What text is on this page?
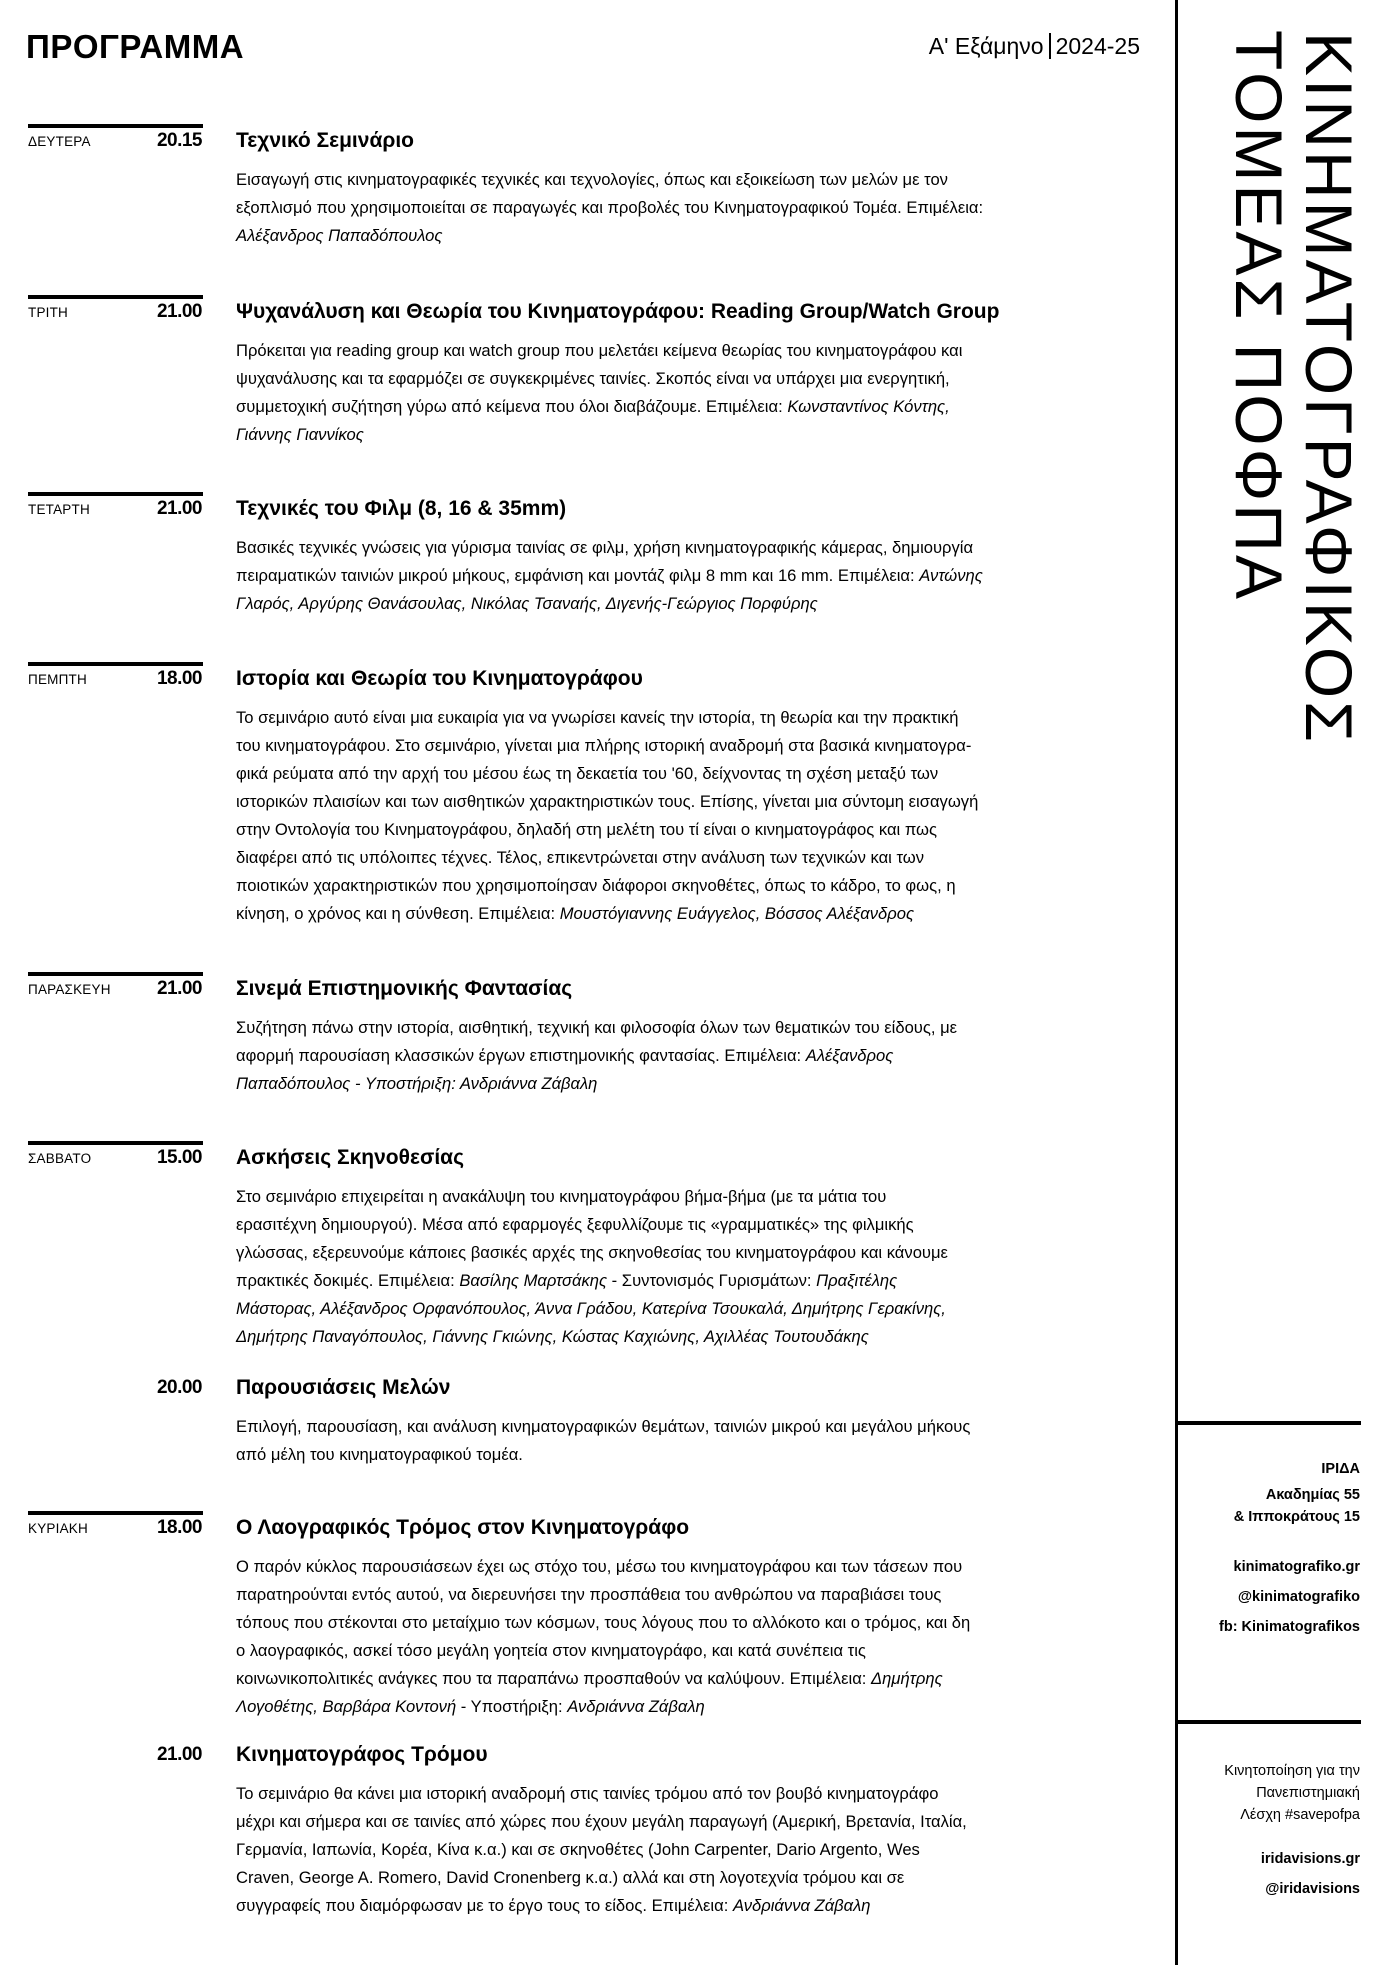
ΠΡΟΓΡΑΜΜΑ	Α' Εξάμηνο 2024-25
ΔΕΥΤΕΡΑ	20.15 Τεχνικό Σεμινάριο
Εισαγωγή στις κινηματογραφικές τεχνικές και τεχνολογίες, όπως και εξοικείωση των μελών με τον
εξοπλισμό που χρησιμοποιείται σε παραγωγές και προβολές του Κινηματογραφικού Τομέα. Επιμέλεια:
Αλέξανδρος Παπαδόπουλος
ΤΡΙΤΗ	21.00 Ψυχανάλυση και Θεωρία του Κινηματογράφου: Reading Group/Watch Group
Πρόκειται για reading group και watch group που μελετάει κείμενα θεωρίας του κινηματογράφου και
ψυχανάλυσης και τα εφαρμόζει σε συγκεκριμένες ταινίες. Σκοπός είναι να υπάρχει μια ενεργητική,
συμμετοχική συζήτηση γύρω από κείμενα που όλοι διαβάζουμε. Επιμέλεια: Κωνσταντίνος Κόντης,
Γιάννης Γιαννίκος
ΤΕΤΑΡΤΗ	21.00 Τεχνικές του Φιλμ (8, 16 & 35mm)
Βασικές τεχνικές γνώσεις για γύρισμα ταινίας σε φιλμ, χρήση κινηματογραφικής κάμερας, δημιουργία
πειραματικών ταινιών μικρού μήκους, εμφάνιση και μοντάζ φιλμ 8 mm και 16 mm. Επιμέλεια: Αντώνης
Γλαρός, Αργύρης Θανάσουλας, Νικόλας Τσαναής, Διγενής-Γεώργιος Πορφύρης
ΠΕΜΠΤΗ	18.00 Ιστορία και Θεωρία του Κινηματογράφου
Το σεμινάριο αυτό είναι μια ευκαιρία για να γνωρίσει κανείς την ιστορία, τη θεωρία και την πρακτική
του κινηματογράφου. Στο σεμινάριο, γίνεται μια πλήρης ιστορική αναδρομή στα βασικά κινηματογρα-
φικά ρεύματα από την αρχή του μέσου έως τη δεκαετία του '60, δείχνοντας τη σχέση μεταξύ των
ιστορικών πλαισίων και των αισθητικών χαρακτηριστικών τους. Επίσης, γίνεται μια σύντομη εισαγωγή
στην Οντολογία του Κινηματογράφου, δηλαδή στη μελέτη του τί είναι ο κινηματογράφος και πως
διαφέρει από τις υπόλοιπες τέχνες. Τέλος, επικεντρώνεται στην ανάλυση των τεχνικών και των
ποιοτικών χαρακτηριστικών που χρησιμοποίησαν διάφοροι σκηνοθέτες, όπως το κάδρο, το φως, η
κίνηση, ο χρόνος και η σύνθεση. Επιμέλεια: Μουστόγιαννης Ευάγγελος, Βόσσος Αλέξανδρος
ΠΑΡΑΣΚΕΥΗ	21.00 Σινεμά Επιστημονικής Φαντασίας
Συζήτηση πάνω στην ιστορία, αισθητική, τεχνική και φιλοσοφία όλων των θεματικών του είδους, με
αφορμή παρουσίαση κλασσικών έργων επιστημονικής φαντασίας. Επιμέλεια: Αλέξανδρος
Παπαδόπουλος - Υποστήριξη: Ανδριάννα Ζάβαλη
ΣΑΒΒΑΤΟ	15.00 Ασκήσεις Σκηνοθεσίας
Στο σεμινάριο επιχειρείται η ανακάλυψη του κινηματογράφου βήμα-βήμα (με τα μάτια του
ερασιτέχνη δημιουργού). Μέσα από εφαρμογές ξεφυλλίζουμε τις «γραμματικές» της φιλμικής
γλώσσας, εξερευνούμε κάποιες βασικές αρχές της σκηνοθεσίας του κινηματογράφου και κάνουμε
πρακτικές δοκιμές. Επιμέλεια: Βασίλης Μαρτσάκης - Συντονισμός Γυρισμάτων: Πραξιτέλης
Μάστορας, Αλέξανδρος Ορφανόπουλος, Άννα Γράδου, Κατερίνα Τσουκαλά, Δημήτρης Γερακίνης,
Δημήτρης Παναγόπουλος, Γιάννης Γκιώνης, Κώστας Καχιώνης, Αχιλλέας Τουτουδάκης
20.00 Παρουσιάσεις Μελών
Επιλογή, παρουσίαση, και ανάλυση κινηματογραφικών θεμάτων, ταινιών μικρού και μεγάλου μήκους
από μέλη του κινηματογραφικού τομέα.
ΚΥΡΙΑΚΗ	18.00 Ο Λαογραφικός Τρόμος στον Κινηματογράφο
Ο παρόν κύκλος παρουσιάσεων έχει ως στόχο του, μέσω του κινηματογράφου και των τάσεων που
παρατηρούνται εντός αυτού, να διερευνήσει την προσπάθεια του ανθρώπου να παραβιάσει τους
τόπους που στέκονται στο μεταίχμιο των κόσμων, τους λόγους που το αλλόκοτο και ο τρόμος, και δη
ο λαογραφικός, ασκεί τόσο μεγάλη γοητεία στον κινηματογράφο, και κατά συνέπεια τις
κοινωνικοπολιτικές ανάγκες που τα παραπάνω προσπαθούν να καλύψουν. Επιμέλεια: Δημήτρης
Λογοθέτης, Βαρβάρα Κοντονή - Υποστήριξη: Ανδριάννα Ζάβαλη
21.00 Κινηματογράφος Τρόμου
Το σεμινάριο θα κάνει μια ιστορική αναδρομή στις ταινίες τρόμου από τον βουβό κινηματογράφο
μέχρι και σήμερα και σε ταινίες από χώρες που έχουν μεγάλη παραγωγή (Αμερική, Βρετανία, Ιταλία,
Γερμανία, Ιαπωνία, Κορέα, Κίνα κ.α.) και σε σκηνοθέτες (John Carpenter, Dario Argento, Wes
Craven, George A. Romero, David Cronenberg κ.α.) αλλά και στη λογοτεχνία τρόμου και σε
συγγραφείς που διαμόρφωσαν με το έργο τους το είδος. Επιμέλεια: Ανδριάννα Ζάβαλη
ΚΙΝΗΜΑΤΟΓΡΑΦΙΚΟΣ
ΤΟΜΕΑΣ ΠΟΦΠΑ
ΙΡΙΔΑ
Ακαδημίας 55
& Ιπποκράτους 15
kinimatografiko.gr
@kinimatografiko
fb: Kinimatografikos
Κινητοποίηση για την
Πανεπιστημιακή
Λέσχη #savepofpa
iridavisions.gr
@iridavisions
